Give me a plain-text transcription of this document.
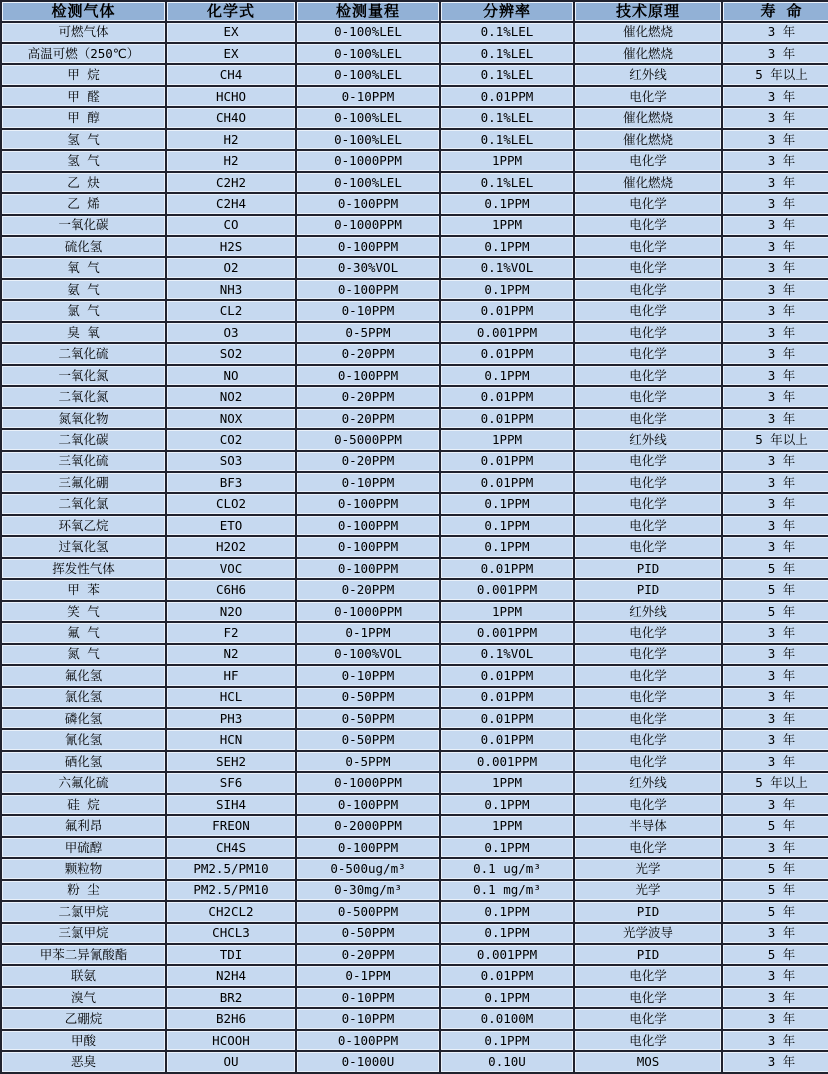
检测气体	化学式	检测量程	分辨率	技术原理	寿 命
可燃气体	EX	0-100%LEL	0.1%LEL	催化燃烧	3 年
高温可燃（250℃）	EX	0-100%LEL	0.1%LEL	催化燃烧	3 年
甲 烷	CH4	0-100%LEL	0.1%LEL	红外线	5 年以上
甲 醛	HCHO	0-10PPM	0.01PPM	电化学	3 年
甲 醇	CH4O	0-100%LEL	0.1%LEL	催化燃烧	3 年
氢 气	H2	0-100%LEL	0.1%LEL	催化燃烧	3 年
氢 气	H2	0-1000PPM	1PPM	电化学	3 年
乙 炔	C2H2	0-100%LEL	0.1%LEL	催化燃烧	3 年
乙 烯	C2H4	0-100PPM	0.1PPM	电化学	3 年
一氧化碳	CO	0-1000PPM	1PPM	电化学	3 年
硫化氢	H2S	0-100PPM	0.1PPM	电化学	3 年
氧 气	O2	0-30%VOL	0.1%VOL	电化学	3 年
氨 气	NH3	0-100PPM	0.1PPM	电化学	3 年
氯 气	CL2	0-10PPM	0.01PPM	电化学	3 年
臭 氧	O3	0-5PPM	0.001PPM	电化学	3 年
二氧化硫	SO2	0-20PPM	0.01PPM	电化学	3 年
一氧化氮	NO	0-100PPM	0.1PPM	电化学	3 年
二氧化氮	NO2	0-20PPM	0.01PPM	电化学	3 年
氮氧化物	NOX	0-20PPM	0.01PPM	电化学	3 年
二氧化碳	CO2	0-5000PPM	1PPM	红外线	5 年以上
三氧化硫	SO3	0-20PPM	0.01PPM	电化学	3 年
三氟化硼	BF3	0-10PPM	0.01PPM	电化学	3 年
二氧化氯	CLO2	0-100PPM	0.1PPM	电化学	3 年
环氧乙烷	ETO	0-100PPM	0.1PPM	电化学	3 年
过氧化氢	H2O2	0-100PPM	0.1PPM	电化学	3 年
挥发性气体	VOC	0-100PPM	0.01PPM	PID	5 年
甲 苯	C6H6	0-20PPM	0.001PPM	PID	5 年
笑 气	N2O	0-1000PPM	1PPM	红外线	5 年
氟 气	F2	0-1PPM	0.001PPM	电化学	3 年
氮 气	N2	0-100%VOL	0.1%VOL	电化学	3 年
氟化氢	HF	0-10PPM	0.01PPM	电化学	3 年
氯化氢	HCL	0-50PPM	0.01PPM	电化学	3 年
磷化氢	PH3	0-50PPM	0.01PPM	电化学	3 年
氰化氢	HCN	0-50PPM	0.01PPM	电化学	3 年
硒化氢	SEH2	0-5PPM	0.001PPM	电化学	3 年
六氟化硫	SF6	0-1000PPM	1PPM	红外线	5 年以上
硅 烷	SIH4	0-100PPM	0.1PPM	电化学	3 年
氟利昂	FREON	0-2000PPM	1PPM	半导体	5 年
甲硫醇	CH4S	0-100PPM	0.1PPM	电化学	3 年
颗粒物	PM2.5/PM10	0-500ug/m³	0.1 ug/m³	光学	5 年
粉 尘	PM2.5/PM10	0-30mg/m³	0.1 mg/m³	光学	5 年
二氯甲烷	CH2CL2	0-500PPM	0.1PPM	PID	5 年
三氯甲烷	CHCL3	0-50PPM	0.1PPM	光学波导	3 年
甲苯二异氰酸酯	TDI	0-20PPM	0.001PPM	PID	5 年
联氨	N2H4	0-1PPM	0.01PPM	电化学	3 年
溴气	BR2	0-10PPM	0.1PPM	电化学	3 年
乙硼烷	B2H6	0-10PPM	0.0100M	电化学	3 年
甲酸	HCOOH	0-100PPM	0.1PPM	电化学	3 年
恶臭	OU	0-1000U	0.10U	MOS	3 年
